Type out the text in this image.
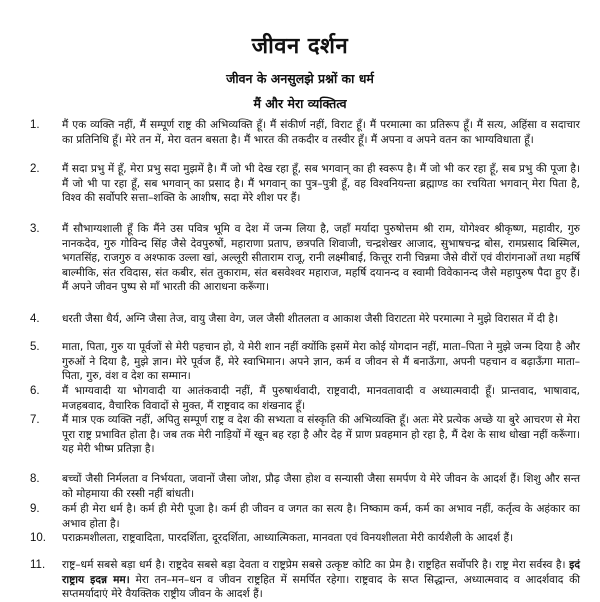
जीवन दर्शन
जीवन के अनसुलझे प्रश्नों का धर्म
मैं और मेरा व्यक्तित्व
1.	मैं एक व्यक्ति नहीं, मैं सम्पूर्ण राष्ट्र की अभिव्यक्ति हूँ। मैं संकीर्ण नहीं, विराट हूँ। मैं परमात्मा का प्रतिरूप हूँ। मैं सत्य, अहिंसा व सदाचार का प्रतिनिधि हूँ। मेरे तन में, मेरा वतन बसता है। मैं भारत की तकदीर व तस्वीर हूँ। मैं अपना व अपने वतन का भाग्यविधाता हूँ।
2.	मैं सदा प्रभु में हूँ, मेरा प्रभु सदा मुझमें है। मैं जो भी देख रहा हूँ, सब भगवान् का ही स्वरूप है। मैं जो भी कर रहा हूँ, सब प्रभु की पूजा है। मैं जो भी पा रहा हूँ, सब भगवान् का प्रसाद है। मैं भगवान् का पुत्र–पुत्री हूँ, वह विश्वनियन्ता ब्रह्माण्ड का रचयिता भगवान् मेरा पिता है, विश्व की सर्वोपरि सत्ता–शक्ति के आशीष, सदा मेरे शीश पर हैं।
3.	मैं सौभाग्यशाली हूँ कि मैंने उस पवित्र भूमि व देश में जन्म लिया है, जहाँ मर्यादा पुरुषोत्तम श्री राम, योगेश्वर श्रीकृष्ण, महावीर, गुरु नानकदेव, गुरु गोविन्द सिंह जैसे देवपुरुषों, महाराणा प्रताप, छत्रपति शिवाजी, चन्द्रशेखर आजाद, सुभाषचन्द्र बोस, रामप्रसाद बिस्मिल, भगतसिंह, राजगुरु व अश्फाक उल्ला खां, अल्लूरी सीताराम राजू, रानी लक्ष्मीबाई, कित्तूर रानी चिन्नमा जैसे वीरों एवं वीरांगनाओं तथा महर्षि बाल्मीकि, संत रविदास, संत कबीर, संत तुकाराम, संत बसवेश्वर महाराज, महर्षि दयानन्द व स्वामी विवेकानन्द जैसे महापुरुष पैदा हुए हैं। मैं अपने जीवन पुष्प से माँ भारती की आराधना करूँगा।
4.	धरती जैसा धैर्य, अग्नि जैसा तेज, वायु जैसा वेग, जल जैसी शीतलता व आकाश जैसी विराटता मेरे परमात्मा ने मुझे विरासत में दी है।
5.	माता, पिता, गुरु या पूर्वजों से मेरी पहचान हो, ये मेरी शान नहीं क्योंकि इसमें मेरा कोई योगदान नहीं, माता–पिता ने मुझे जन्म दिया है और गुरुओं ने दिया है, मुझे ज्ञान। मेरे पूर्वज हैं, मेरे स्वाभिमान। अपने ज्ञान, कर्म व जीवन से मैं बनाऊँगा, अपनी पहचान व बढ़ाऊँगा माता–पिता, गुरु, वंश व देश का सम्मान।
6.	मैं भाग्यवादी या भोगवादी या आतंकवादी नहीं, मैं पुरुषार्थवादी, राष्ट्रवादी, मानवतावादी व अध्यात्मवादी हूँ। प्रान्तवाद, भाषावाद, मजहबवाद, वैचारिक विवादों से मुक्त, मैं राष्ट्रवाद का शंखनाद हूँ।
7.	मैं मात्र एक व्यक्ति नहीं, अपितु सम्पूर्ण राष्ट्र व देश की सभ्यता व संस्कृति की अभिव्यक्ति हूँ। अतः मेरे प्रत्येक अच्छे या बुरे आचरण से मेरा पूरा राष्ट्र प्रभावित होता है। जब तक मेरी नाड़ियों में खून बह रहा है और देह में प्राण प्रवहमान हो रहा है, मैं देश के साथ धोखा नहीं करूँगा। यह मेरी भीष्म प्रतिज्ञा है।
8.	बच्चों जैसी निर्मलता व निर्भयता, जवानों जैसा जोश, प्रौढ़ जैसा होश व सन्यासी जैसा समर्पण ये मेरे जीवन के आदर्श हैं। शिशु और सन्त को मोहमाया की रस्सी नहीं बांधती।
9.	कर्म ही मेरा धर्म है। कर्म ही मेरी पूजा है। कर्म ही जीवन व जगत का सत्य है। निष्काम कर्म, कर्म का अभाव नहीं, कर्तृत्व के अहंकार का अभाव होता है।
10.	पराक्रमशीलता, राष्ट्रवादिता, पारदर्शिता, दूरदर्शिता, आध्यात्मिकता, मानवता एवं विनयशीलता मेरी कार्यशैली के आदर्श हैं।
11.	राष्ट्र–धर्म सबसे बड़ा धर्म है। राष्ट्रदेव सबसे बड़ा देवता व राष्ट्रप्रेम सबसे उत्कृष्ट कोटि का प्रेम है। राष्ट्रहित सर्वोपरि है। राष्ट्र मेरा सर्वस्व है। इदं राष्ट्राय इदन्न मम। मेरा तन–मन–धन व जीवन राष्ट्रहित में समर्पित रहेगा। राष्ट्रवाद के सप्त सिद्धान्त, अध्यात्मवाद व आदर्शवाद की सप्तमर्यादाएं मेरे वैयक्तिक राष्ट्रीय जीवन के आदर्श हैं।
